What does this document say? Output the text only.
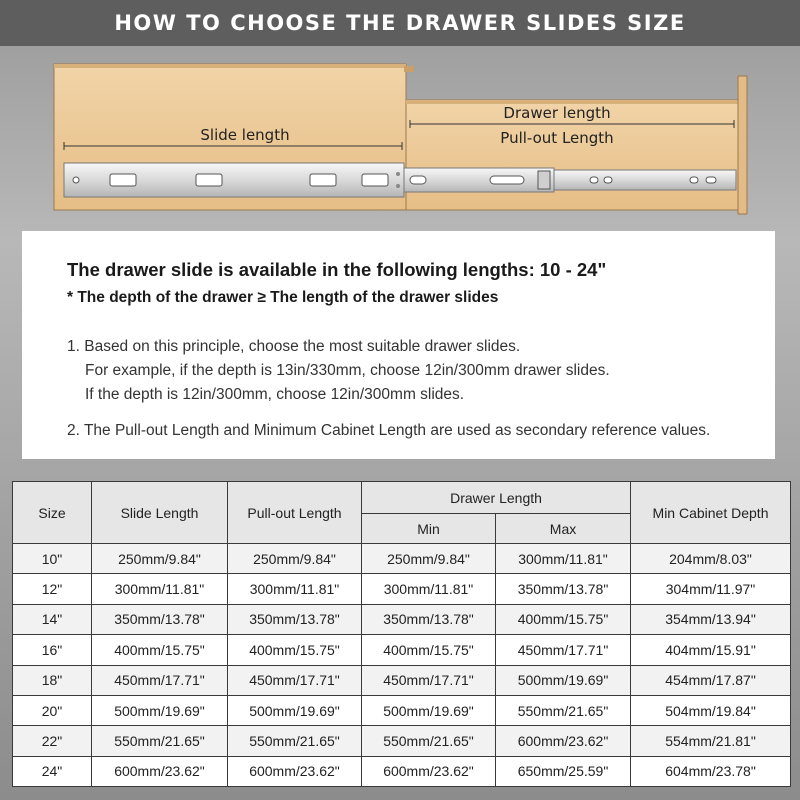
HOW TO CHOOSE THE DRAWER SLIDES SIZE
Slide length
Drawer length
Pull-out Length

The drawer slide is available in the following lengths: 10 - 24"

* The depth of the drawer ≥ The length of the drawer slides

1. Based on this principle, choose the most suitable drawer slides.
For example, if the depth is 13in/330mm, choose 12in/300mm drawer slides.
If the depth is 12in/300mm, choose 12in/300mm slides.
2. The Pull-out Length and Minimum Cabinet Length are used as secondary reference values.
Size	Slide Length	Pull-out Length	Drawer Length		Min Cabinet Depth
			Min	Max	
10"	250mm/9.84"	250mm/9.84"	250mm/9.84"	300mm/11.81"	204mm/8.03"
12"	300mm/11.81"	300mm/11.81"	300mm/11.81"	350mm/13.78"	304mm/11.97"
14"	350mm/13.78"	350mm/13.78"	350mm/13.78"	400mm/15.75"	354mm/13.94"
16"	400mm/15.75"	400mm/15.75"	400mm/15.75"	450mm/17.71"	404mm/15.91"
18"	450mm/17.71"	450mm/17.71"	450mm/17.71"	500mm/19.69"	454mm/17.87"
20"	500mm/19.69"	500mm/19.69"	500mm/19.69"	550mm/21.65"	504mm/19.84"
22"	550mm/21.65"	550mm/21.65"	550mm/21.65"	600mm/23.62"	554mm/21.81"
24"	600mm/23.62"	600mm/23.62"	600mm/23.62"	650mm/25.59"	604mm/23.78"
